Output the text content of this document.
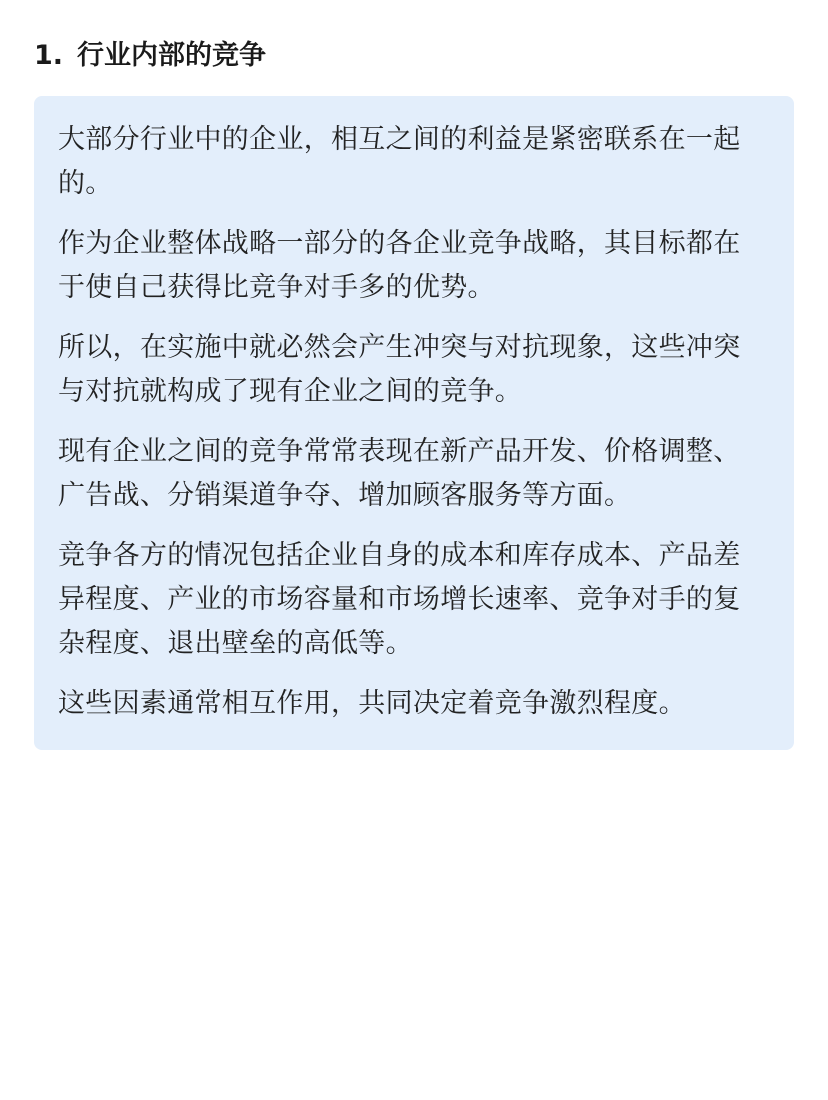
1. 行业内部的竞争

大部分行业中的企业，相互之间的利益是紧密联系在一起的。

作为企业整体战略一部分的各企业竞争战略，其目标都在于使自己获得比竞争对手多的优势。

所以，在实施中就必然会产生冲突与对抗现象，这些冲突与对抗就构成了现有企业之间的竞争。

现有企业之间的竞争常常表现在新产品开发、价格调整、广告战、分销渠道争夺、增加顾客服务等方面。

竞争各方的情况包括企业自身的成本和库存成本、产品差异程度、产业的市场容量和市场增长速率、竞争对手的复杂程度、退出壁垒的高低等。

这些因素通常相互作用，共同决定着竞争激烈程度。
